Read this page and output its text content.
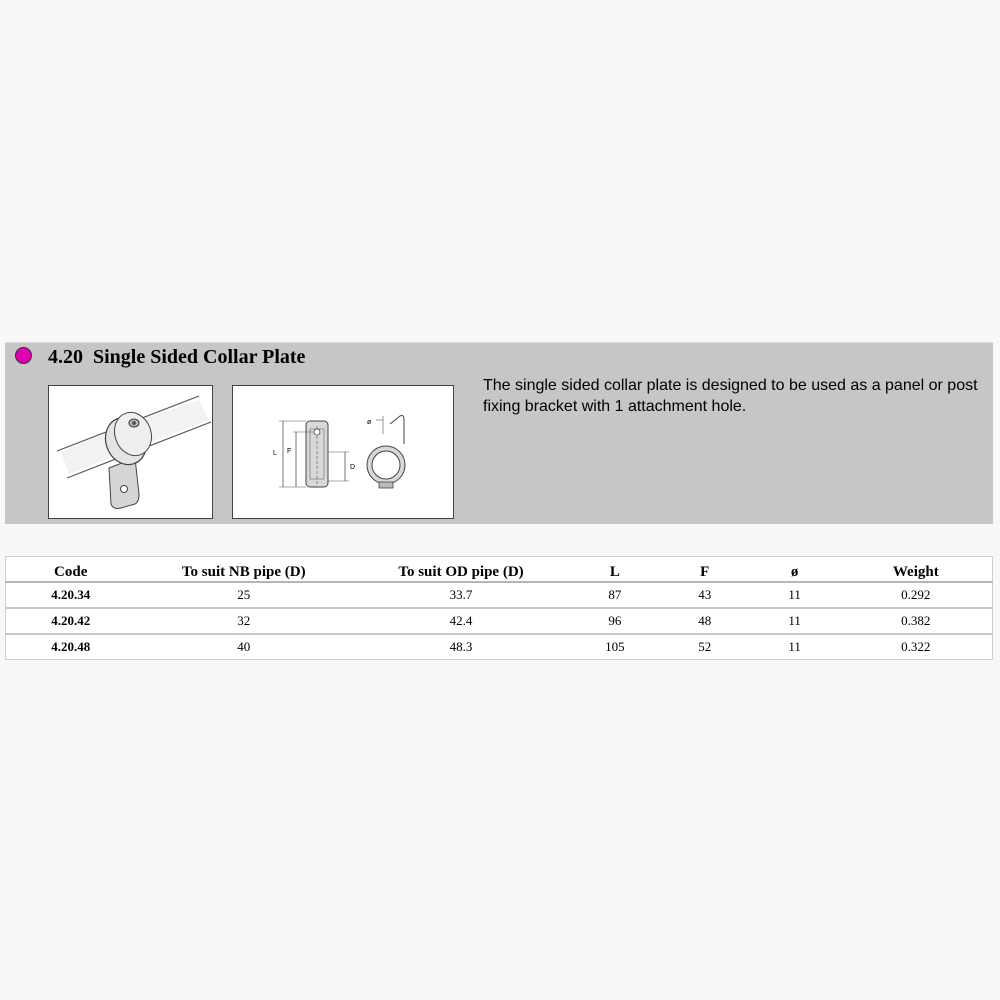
4.20 Single Sided Collar Plate
L F
D
ø
The single sided collar plate is designed to be used as a panel or post fixing bracket with 1 attachment hole.
Code	To suit NB pipe (D)	To suit OD pipe (D)	L	F	ø	Weight
4.20.34	25	33.7	87	43	11	0.292
4.20.42	32	42.4	96	48	11	0.382
4.20.48	40	48.3	105	52	11	0.322
